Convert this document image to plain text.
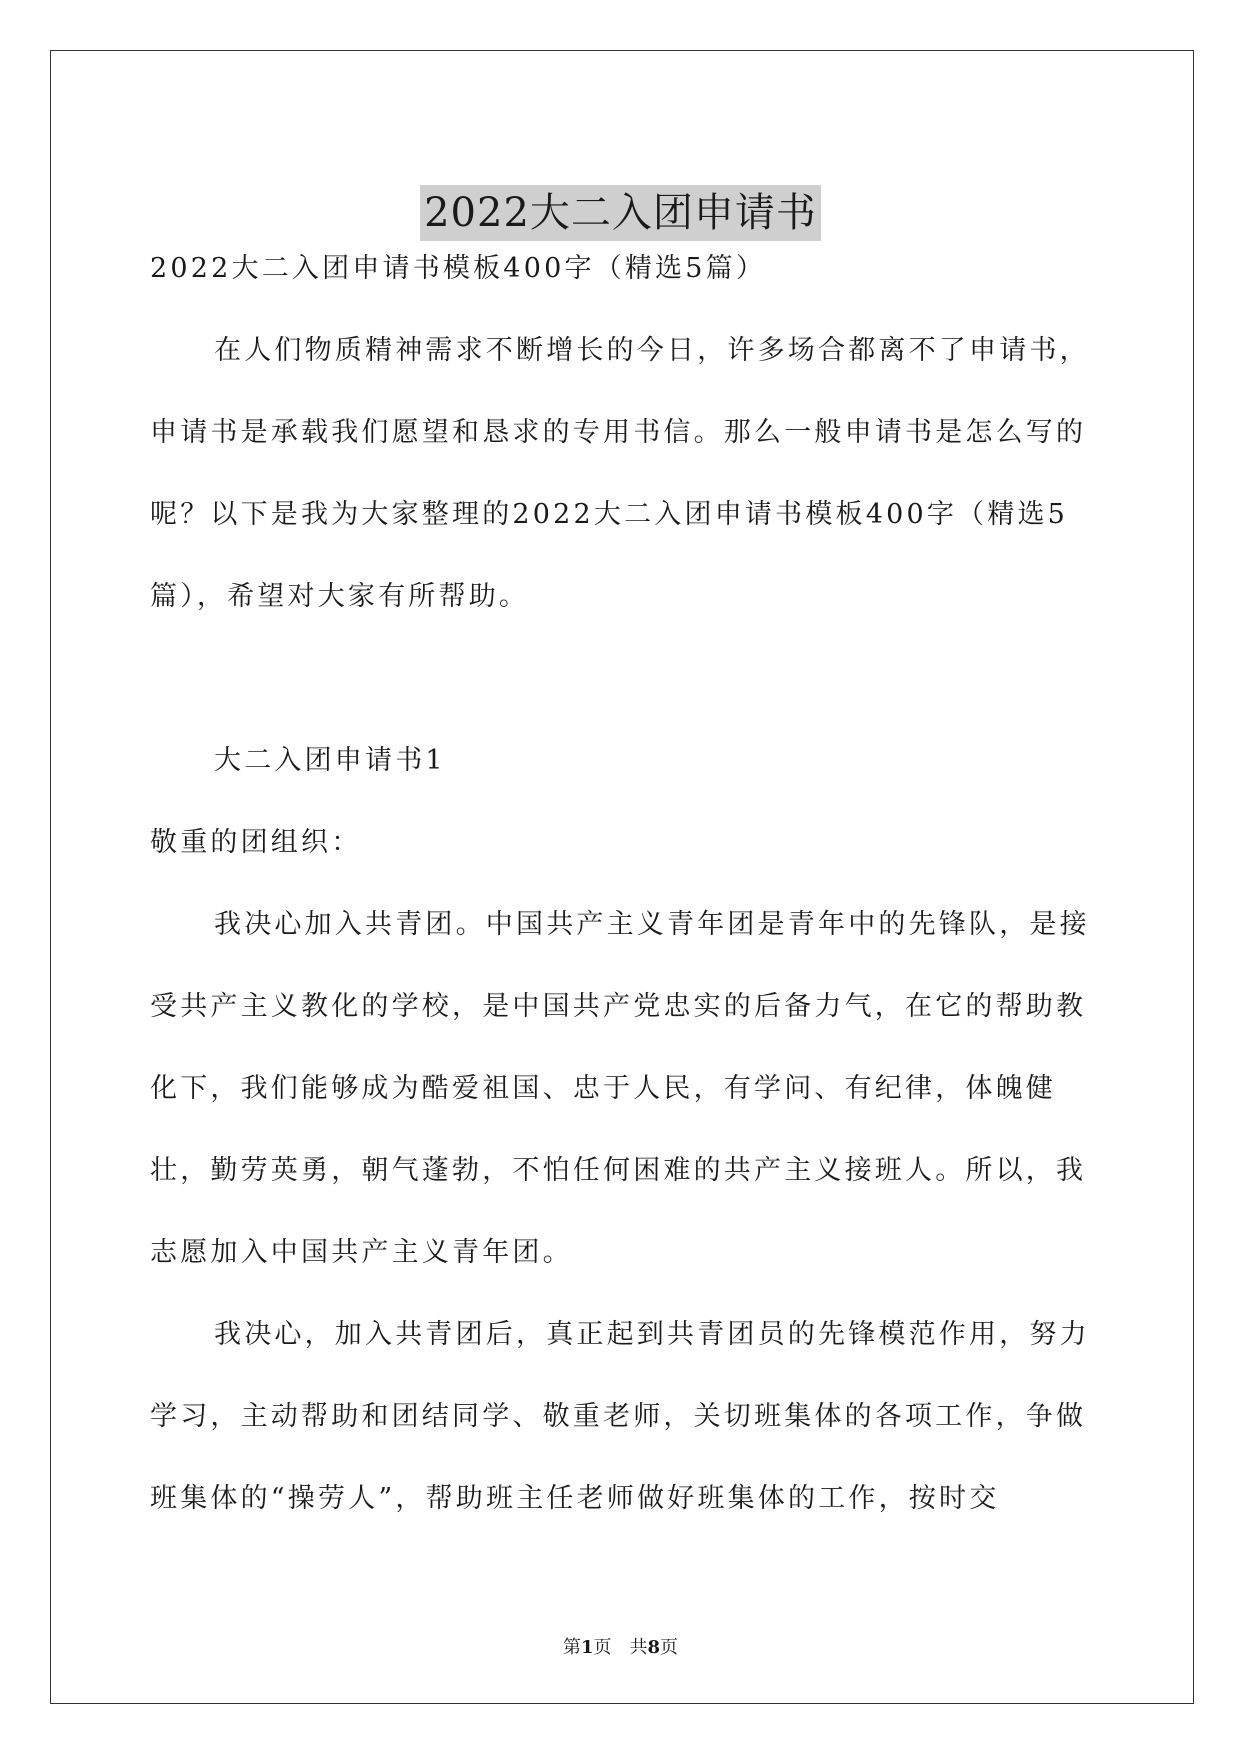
2022大二入团申请书

2022大二入团申请书模板400字（精选5篇）

在人们物质精神需求不断增长的今日，许多场合都离不了申请书，申请书是承载我们愿望和恳求的专用书信。那么一般申请书是怎么写的呢？以下是我为大家整理的2022大二入团申请书模板400字（精选5篇），希望对大家有所帮助。

大二入团申请书1

敬重的团组织：

我决心加入共青团。中国共产主义青年团是青年中的先锋队，是接受共产主义教化的学校，是中国共产党忠实的后备力气，在它的帮助教化下，我们能够成为酷爱祖国、忠于人民，有学问、有纪律，体魄健壮，勤劳英勇，朝气蓬勃，不怕任何困难的共产主义接班人。所以，我志愿加入中国共产主义青年团。

我决心，加入共青团后，真正起到共青团员的先锋模范作用，努力学习，主动帮助和团结同学、敬重老师，关切班集体的各项工作，争做班集体的“操劳人”，帮助班主任老师做好班集体的工作，按时交

第1页　共8页
